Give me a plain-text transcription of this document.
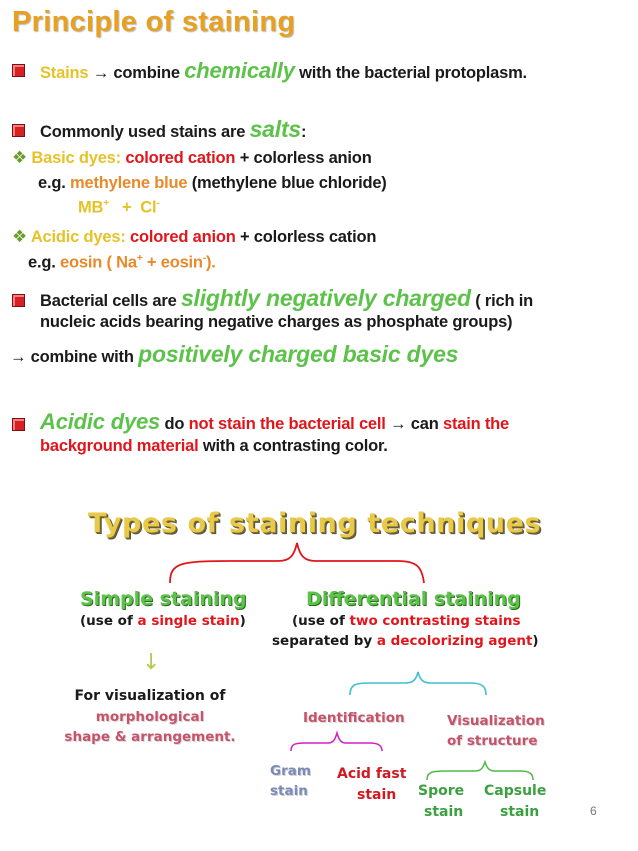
Principle of staining
Stains → combine chemically with the bacterial protoplasm.
Commonly used stains are salts:
❖ Basic dyes: colored cation + colorless anion
e.g. methylene blue (methylene blue chloride)
MB+   +  Cl-
❖ Acidic dyes: colored anion + colorless cation
e.g. eosin ( Na+ + eosin-).
Bacterial cells are slightly negatively charged ( rich in
nucleic acids bearing negative charges as phosphate groups)
→ combine with positively charged basic dyes
Acidic dyes do not stain the bacterial cell → can stain the
background material with a contrasting color.
Types of staining techniques
Simple staining
(use of a single stain)
Differential staining
(use of two contrasting stains
separated by a decolorizing agent)
↓
For visualization of
morphological
shape & arrangement.
Identification	Visualization
of structure
Gram
stain
Acid fast
stain Spore
stain
Capsule
stain	6
